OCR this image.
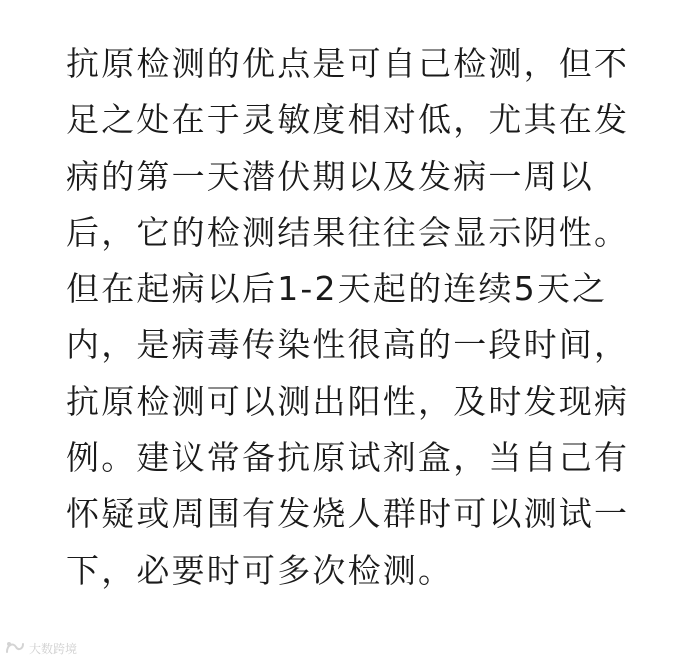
抗原检测的优点是可自己检测，但不
足之处在于灵敏度相对低，尤其在发
病的第一天潜伏期以及发病一周以
后，它的检测结果往往会显示阴性。
但在起病以后1-2天起的连续5天之
内，是病毒传染性很高的一段时间，
抗原检测可以测出阳性，及时发现病
例。建议常备抗原试剂盒，当自己有
怀疑或周围有发烧人群时可以测试一
下，必要时可多次检测。
大数跨境
